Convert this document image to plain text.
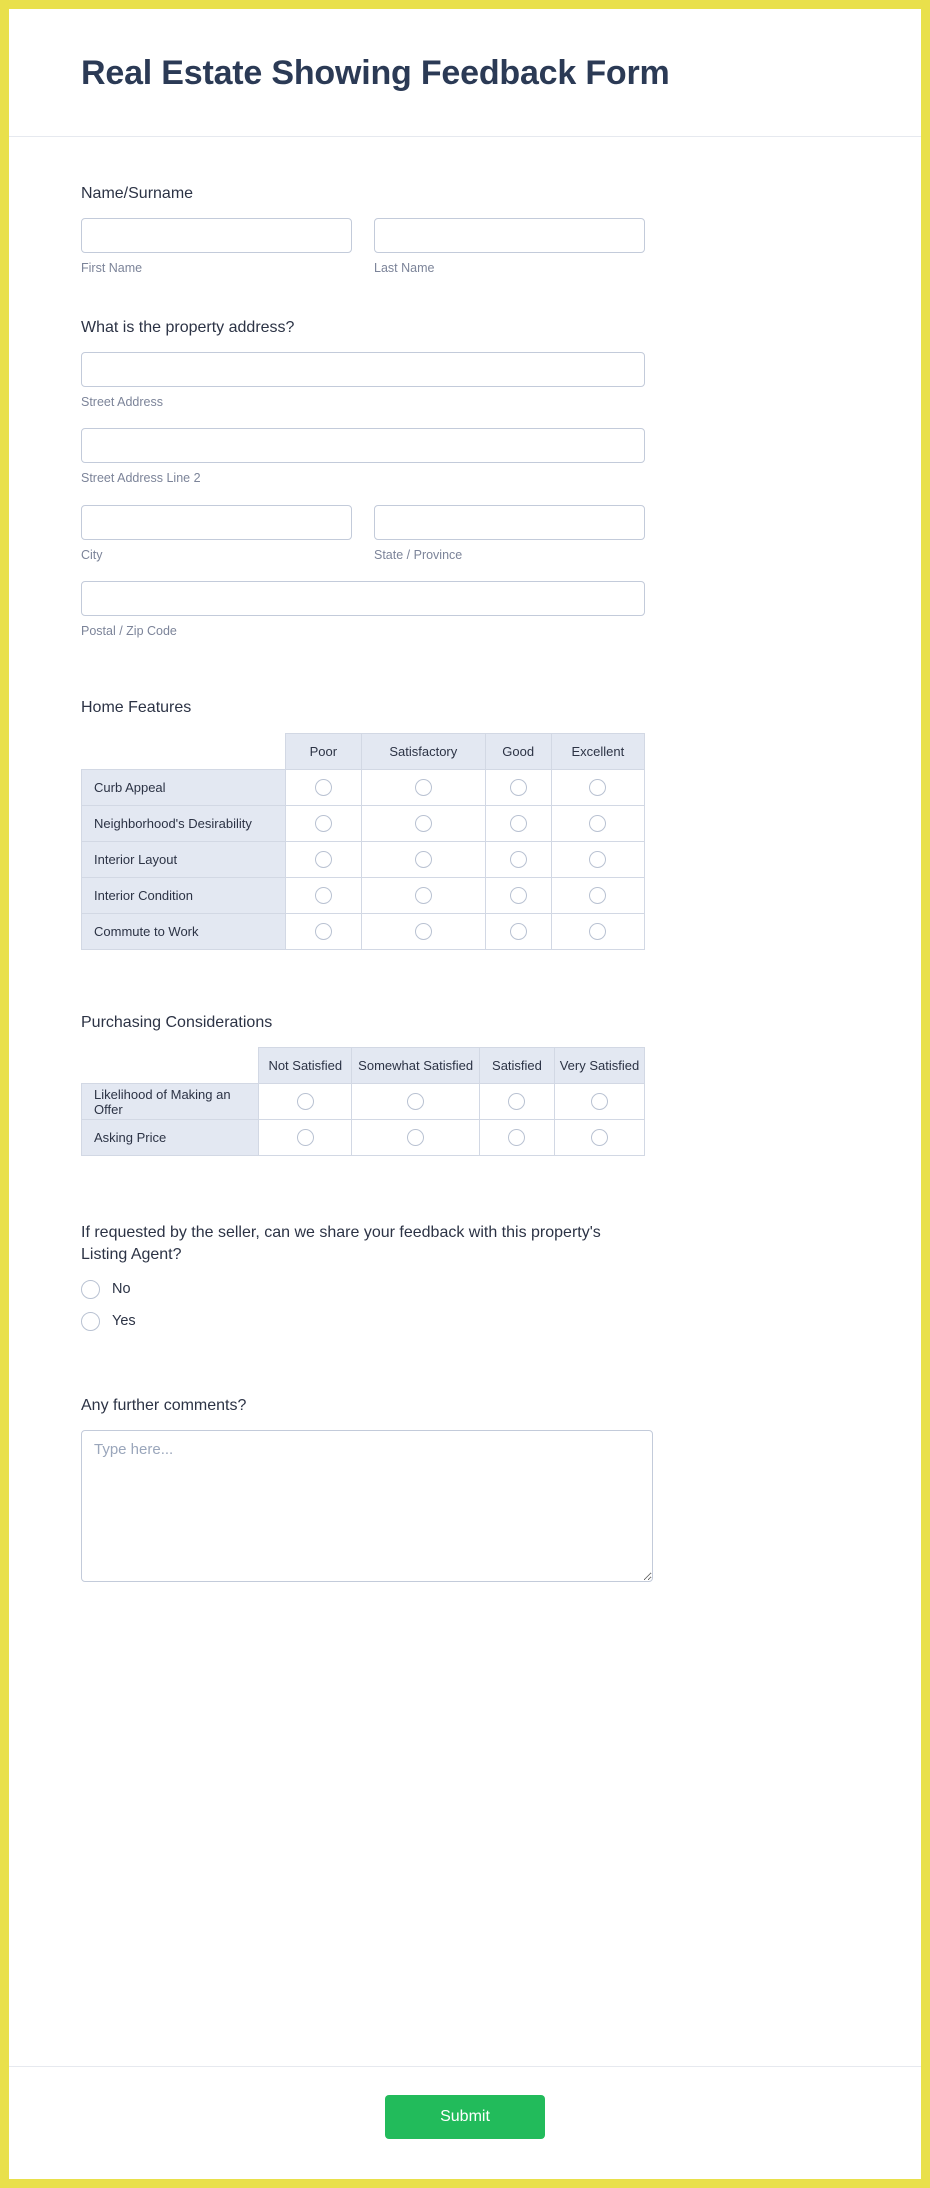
Real Estate Showing Feedback Form
Name/Surname
First Name	Last Name
What is the property address?
Street Address
Street Address Line 2
City	State / Province
Postal / Zip Code
Home Features
	Poor	Satisfactory	Good	Excellent
Curb Appeal				
Neighborhood's Desirability				
Interior Layout				
Interior Condition				
Commute to Work				
Purchasing Considerations
	Not Satisfied	Somewhat Satisfied	Satisfied	Very Satisfied
Likelihood of Making an Offer				
Asking Price				
If requested by the seller, can we share your feedback with this property's Listing Agent?
No
Yes
Any further comments?
Type here...
Submit
